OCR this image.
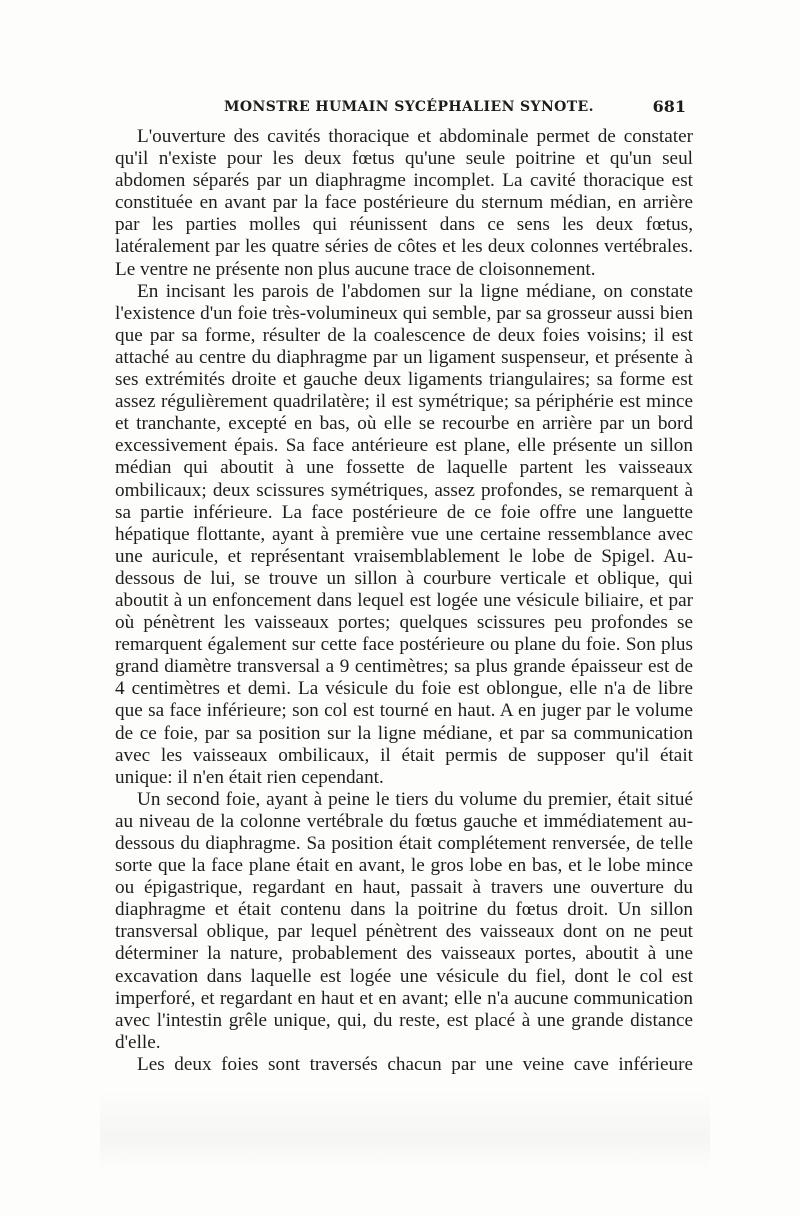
MONSTRE HUMAIN SYCÉPHALIEN SYNOTE.	681

L'ouverture des cavités thoracique et abdominale permet de constater qu'il n'existe pour les deux fœtus qu'une seule poitrine et qu'un seul abdomen séparés par un diaphragme incomplet. La cavité thoracique est constituée en avant par la face postérieure du sternum médian, en arrière par les parties molles qui réunissent dans ce sens les deux fœtus, latéralement par les quatre séries de côtes et les deux colonnes vertébrales. Le ventre ne présente non plus aucune trace de cloisonnement.

En incisant les parois de l'abdomen sur la ligne médiane, on constate l'existence d'un foie très-volumineux qui semble, par sa grosseur aussi bien que par sa forme, résulter de la coalescence de deux foies voisins; il est attaché au centre du diaphragme par un ligament suspenseur, et présente à ses extrémités droite et gauche deux ligaments triangulaires; sa forme est assez régulièrement quadrilatère; il est symétrique; sa périphérie est mince et tranchante, excepté en bas, où elle se recourbe en arrière par un bord excessivement épais. Sa face antérieure est plane, elle présente un sillon médian qui aboutit à une fossette de laquelle partent les vaisseaux ombilicaux; deux scissures symétriques, assez profondes, se remarquent à sa partie inférieure. La face postérieure de ce foie offre une languette hépatique flottante, ayant à première vue une certaine ressemblance avec une auricule, et représentant vraisemblablement le lobe de Spigel. Au-dessous de lui, se trouve un sillon à courbure verticale et oblique, qui aboutit à un enfoncement dans lequel est logée une vésicule biliaire, et par où pénètrent les vaisseaux portes; quelques scissures peu profondes se remarquent également sur cette face postérieure ou plane du foie. Son plus grand diamètre transversal a 9 centimètres; sa plus grande épaisseur est de 4 centimètres et demi. La vésicule du foie est oblongue, elle n'a de libre que sa face inférieure; son col est tourné en haut. A en juger par le volume de ce foie, par sa position sur la ligne médiane, et par sa communication avec les vaisseaux ombilicaux, il était permis de supposer qu'il était unique: il n'en était rien cependant.

Un second foie, ayant à peine le tiers du volume du premier, était situé au niveau de la colonne vertébrale du fœtus gauche et immédiatement au-dessous du diaphragme. Sa position était complétement renversée, de telle sorte que la face plane était en avant, le gros lobe en bas, et le lobe mince ou épigastrique, regardant en haut, passait à travers une ouverture du diaphragme et était contenu dans la poitrine du fœtus droit. Un sillon transversal oblique, par lequel pénètrent des vaisseaux dont on ne peut déterminer la nature, probablement des vaisseaux portes, aboutit à une excavation dans laquelle est logée une vésicule du fiel, dont le col est imperforé, et regardant en haut et en avant; elle n'a aucune communication avec l'intestin grêle unique, qui, du reste, est placé à une grande distance d'elle.

Les deux foies sont traversés chacun par une veine cave inférieure
